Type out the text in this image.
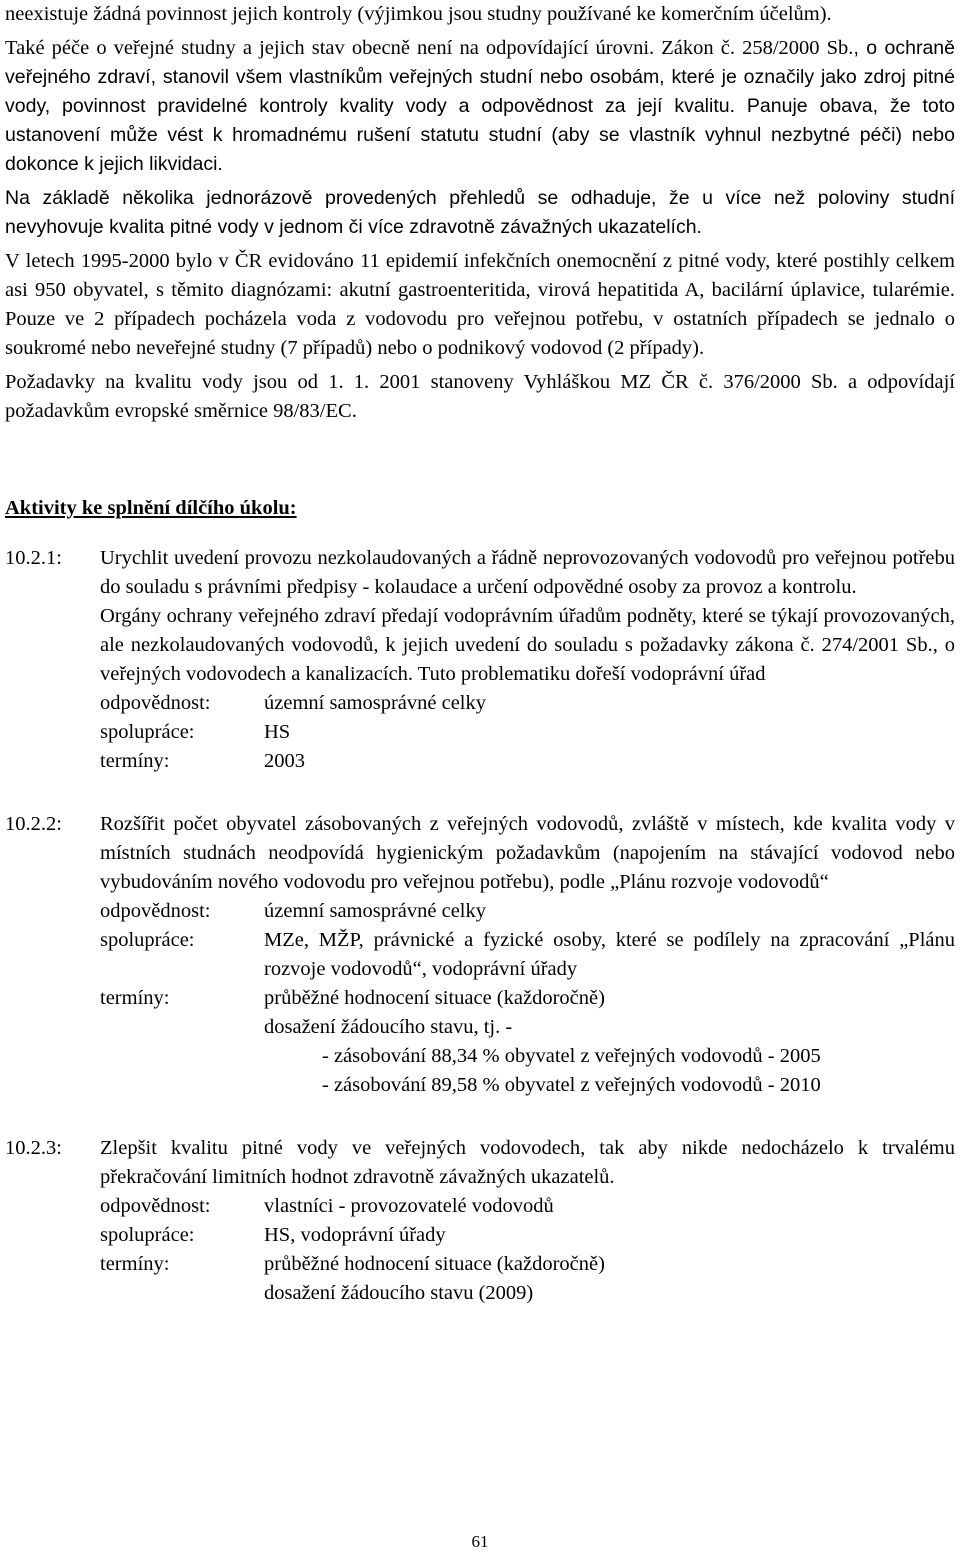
neexistuje žádná povinnost jejich kontroly (výjimkou jsou studny používané ke komerčním účelům).

Také péče o veřejné studny a jejich stav obecně není na odpovídající úrovni. Zákon č. 258/2000 Sb., o ochraně veřejného zdraví, stanovil všem vlastníkům veřejných studní nebo osobám, které je označily jako zdroj pitné vody, povinnost pravidelné kontroly kvality vody a odpovědnost za její kvalitu. Panuje obava, že toto ustanovení může vést k hromadnému rušení statutu studní (aby se vlastník vyhnul nezbytné péči) nebo dokonce k jejich likvidaci.

Na základě několika jednorázově provedených přehledů se odhaduje, že u více než poloviny studní nevyhovuje kvalita pitné vody v jednom či více zdravotně závažných ukazatelích.

V letech 1995-2000 bylo v ČR evidováno 11 epidemií infekčních onemocnění z pitné vody, které postihly celkem asi 950 obyvatel, s těmito diagnózami: akutní gastroenteritida, virová hepatitida A, bacilární úplavice, tularémie. Pouze ve 2 případech pocházela voda z vodovodu pro veřejnou potřebu, v ostatních případech se jednalo o soukromé nebo neveřejné studny (7 případů) nebo o podnikový vodovod (2 případy).

Požadavky na kvalitu vody jsou od 1. 1. 2001 stanoveny Vyhláškou MZ ČR č. 376/2000 Sb. a odpovídají požadavkům evropské směrnice 98/83/EC.

Aktivity ke splnění dílčího úkolu:

10.2.1:	Urychlit uvedení provozu nezkolaudovaných a řádně neprovozovaných vodovodů pro veřejnou potřebu do souladu s právními předpisy - kolaudace a určení odpovědné osoby za provoz a kontrolu.

Orgány ochrany veřejného zdraví předají vodoprávním úřadům podněty, které se týkají provozovaných, ale nezkolaudovaných vodovodů, k jejich uvedení do souladu s požadavky zákona č. 274/2001 Sb., o veřejných vodovodech a kanalizacích. Tuto problematiku dořeší vodoprávní úřad

odpovědnost:	územní samosprávné celky
spolupráce:	HS
termíny:	2003
10.2.2:	Rozšířit počet obyvatel zásobovaných z veřejných vodovodů, zvláště v místech, kde kvalita vody v místních studnách neodpovídá hygienickým požadavkům (napojením na stávající vodovod nebo vybudováním nového vodovodu pro veřejnou potřebu), podle „Plánu rozvoje vodovodů“

odpovědnost:	územní samosprávné celky
spolupráce:	MZe, MŽP, právnické a fyzické osoby, které se podílely na zpracování „Plánu rozvoje vodovodů“, vodoprávní úřady

termíny:	průběžné hodnocení situace (každoročně)
dosažení žádoucího stavu, tj. -
- zásobování 88,34 % obyvatel z veřejných vodovodů - 2005
- zásobování 89,58 % obyvatel z veřejných vodovodů - 2010
10.2.3:	Zlepšit kvalitu pitné vody ve veřejných vodovodech, tak aby nikde nedocházelo k trvalému překračování limitních hodnot zdravotně závažných ukazatelů.

odpovědnost:	vlastníci - provozovatelé vodovodů
spolupráce:	HS, vodoprávní úřady
termíny:	průběžné hodnocení situace (každoročně)
dosažení žádoucího stavu (2009)
61
